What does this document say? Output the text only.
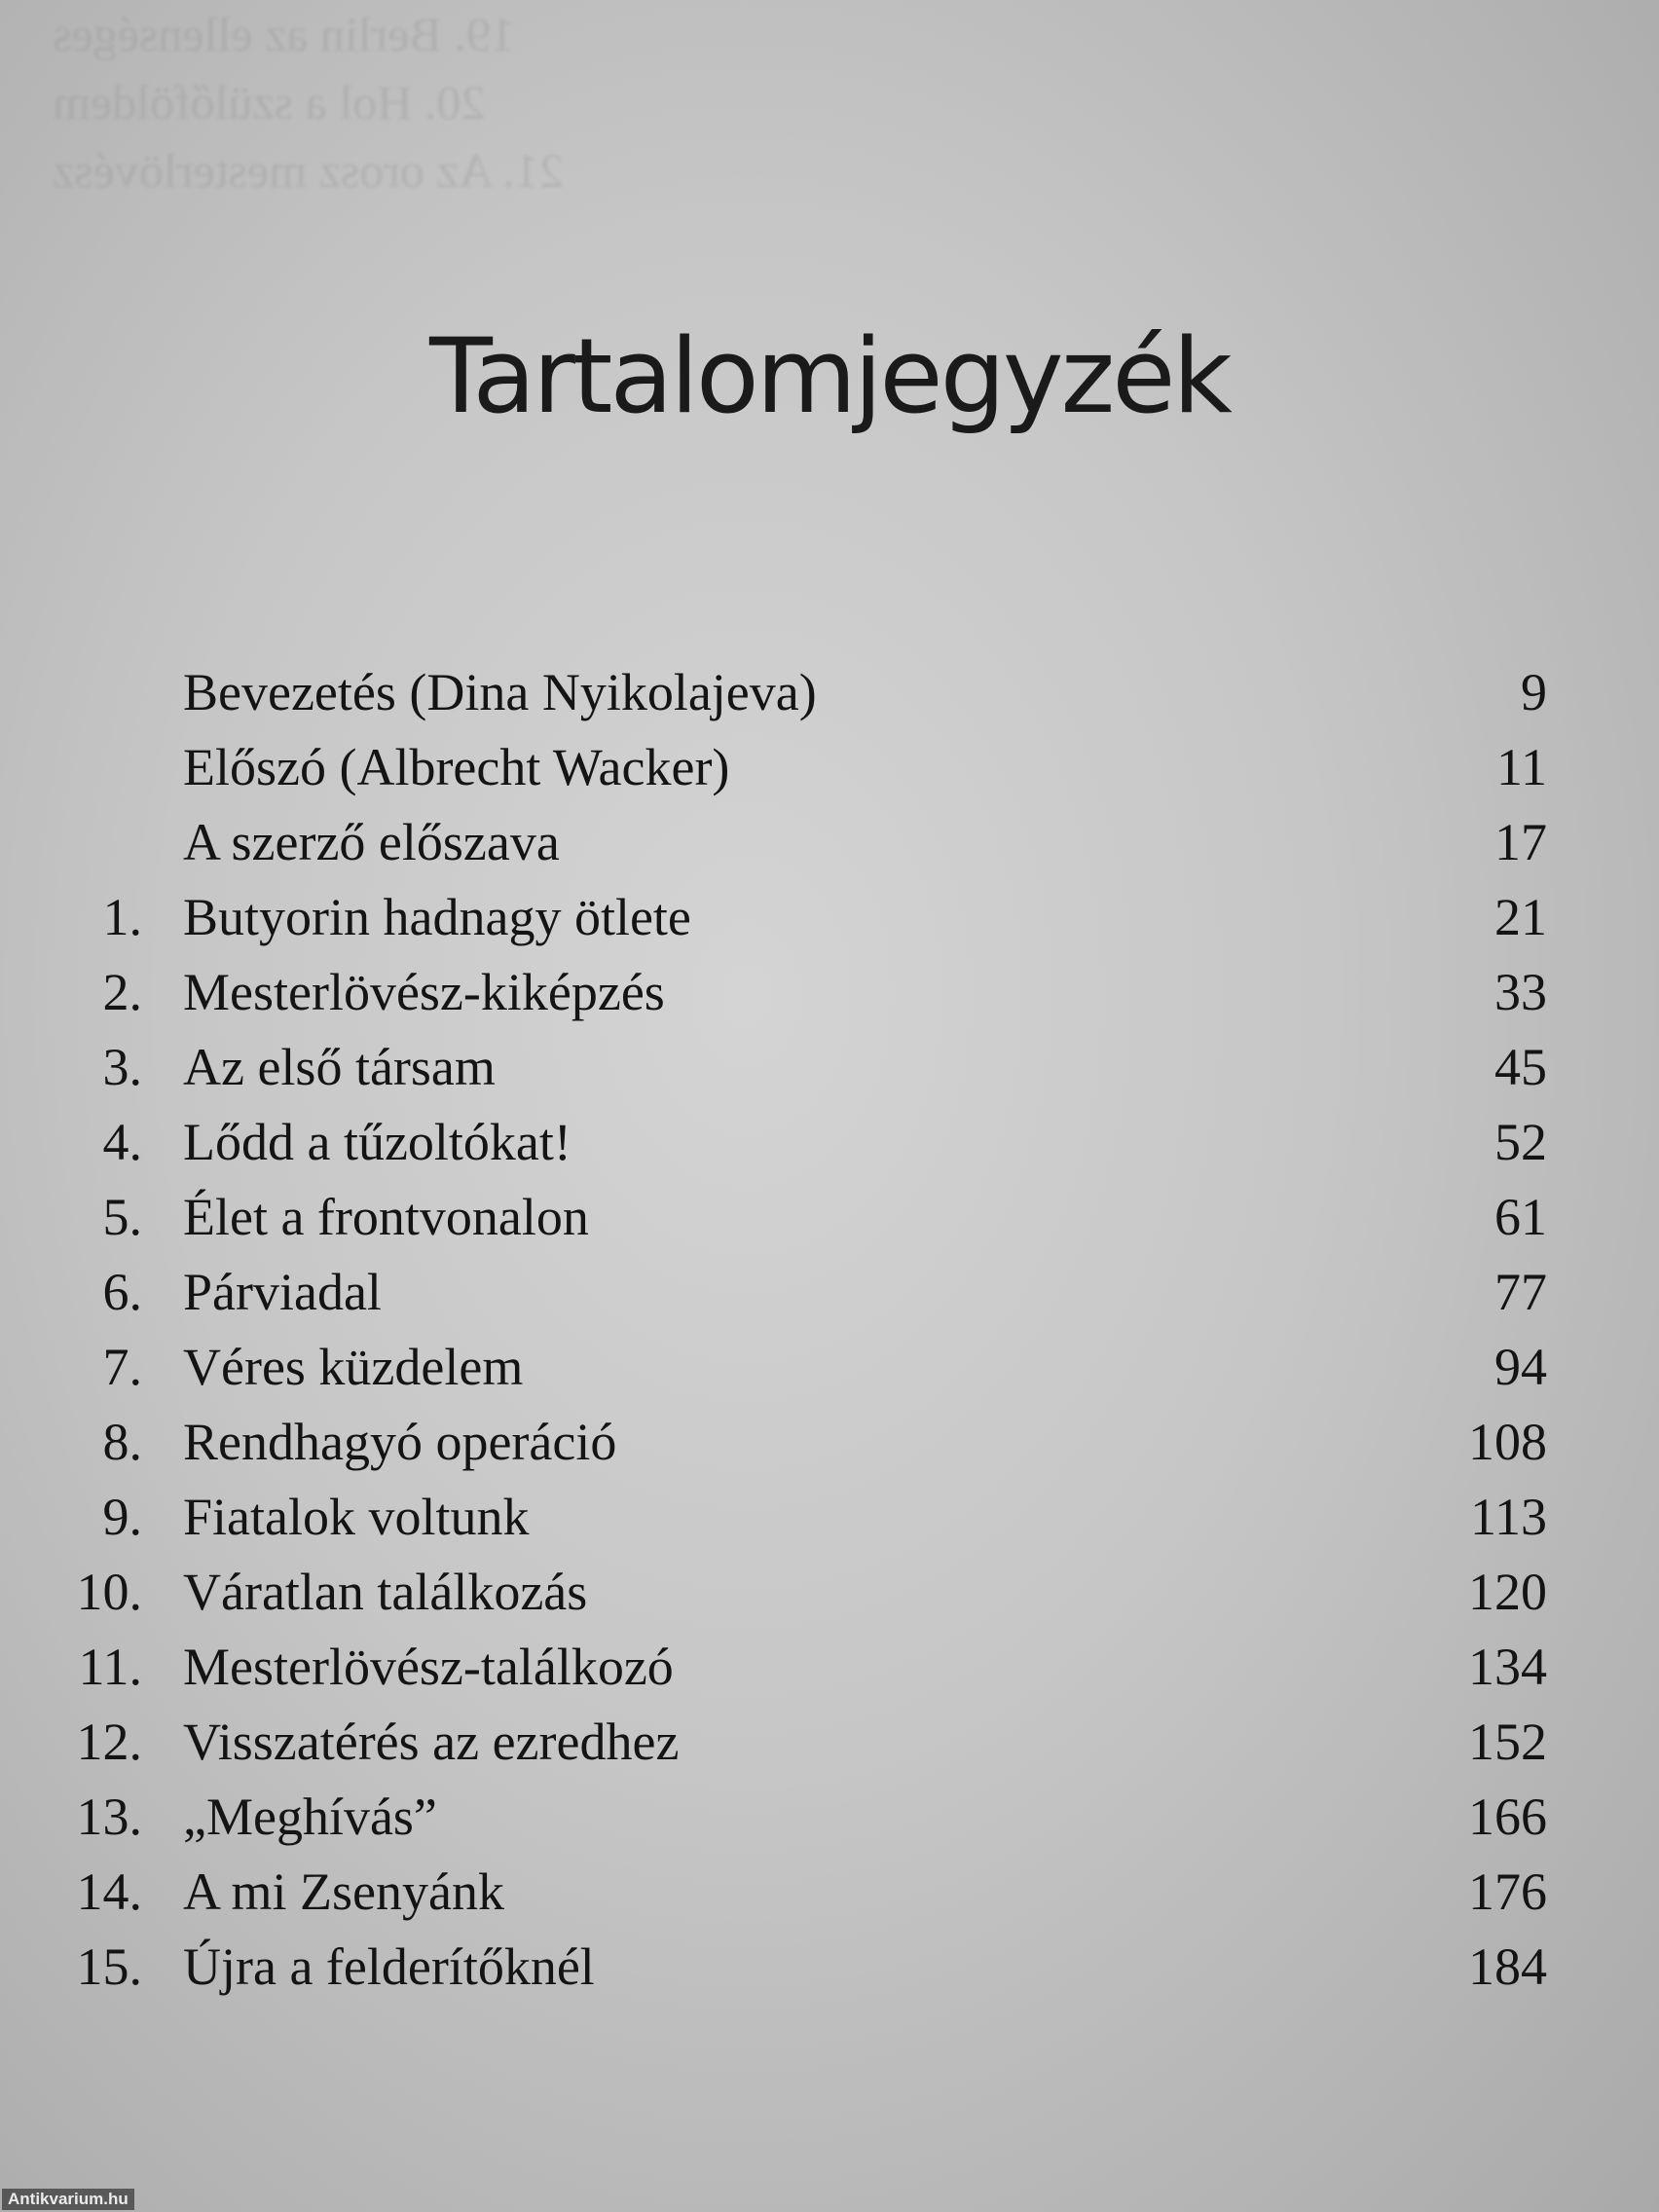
19. Berlin az ellenséges
20. Hol a szülőföldem
21. Az orosz mesterlövész
Tartalomjegyzék
Bevezetés (Dina Nyikolajeva)	9
Előszó (Albrecht Wacker)	11
A szerző előszava	17
1. Butyorin hadnagy ötlete	21
2. Mesterlövész-kiképzés	33
3. Az első társam	45
4. Lődd a tűzoltókat!	52
5. Élet a frontvonalon	61
6. Párviadal	77
7. Véres küzdelem	94
8. Rendhagyó operáció	108
9. Fiatalok voltunk	113
10. Váratlan találkozás	120
11. Mesterlövész-találkozó	134
12. Visszatérés az ezredhez	152
13. „Meghívás”	166
14. A mi Zsenyánk	176
15. Újra a felderítőknél	184
Antikvarium.hu
